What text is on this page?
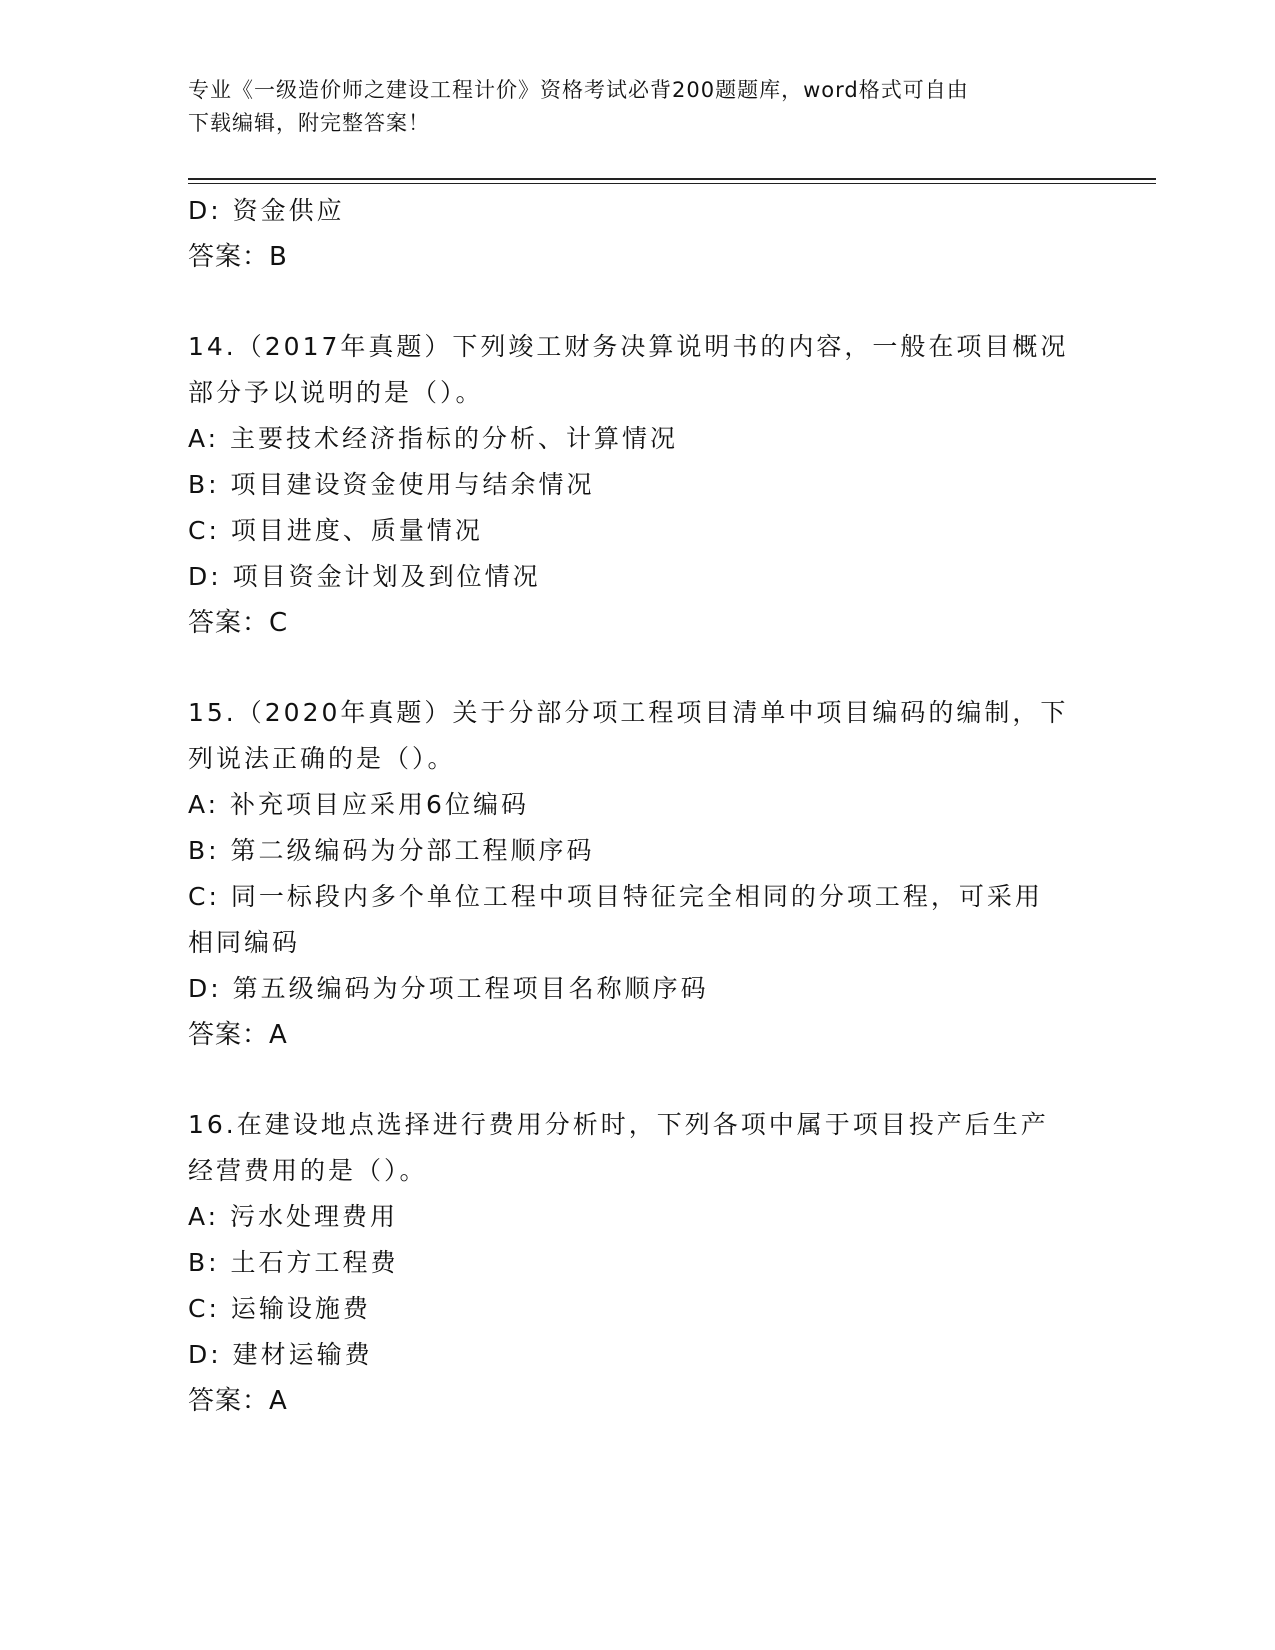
专业《一级造价师之建设工程计价》资格考试必背200题题库，word格式可自由
下载编辑，附完整答案！
D: 资金供应
答案：B
14.（2017年真题）下列竣工财务决算说明书的内容，一般在项目概况
部分予以说明的是（）。
A: 主要技术经济指标的分析、计算情况
B: 项目建设资金使用与结余情况
C: 项目进度、质量情况
D: 项目资金计划及到位情况
答案：C
15.（2020年真题）关于分部分项工程项目清单中项目编码的编制，下
列说法正确的是（）。
A: 补充项目应采用6位编码
B: 第二级编码为分部工程顺序码
C: 同一标段内多个单位工程中项目特征完全相同的分项工程，可采用
相同编码
D: 第五级编码为分项工程项目名称顺序码
答案：A
16.在建设地点选择进行费用分析时，下列各项中属于项目投产后生产
经营费用的是（）。
A: 污水处理费用
B: 土石方工程费
C: 运输设施费
D: 建材运输费
答案：A
